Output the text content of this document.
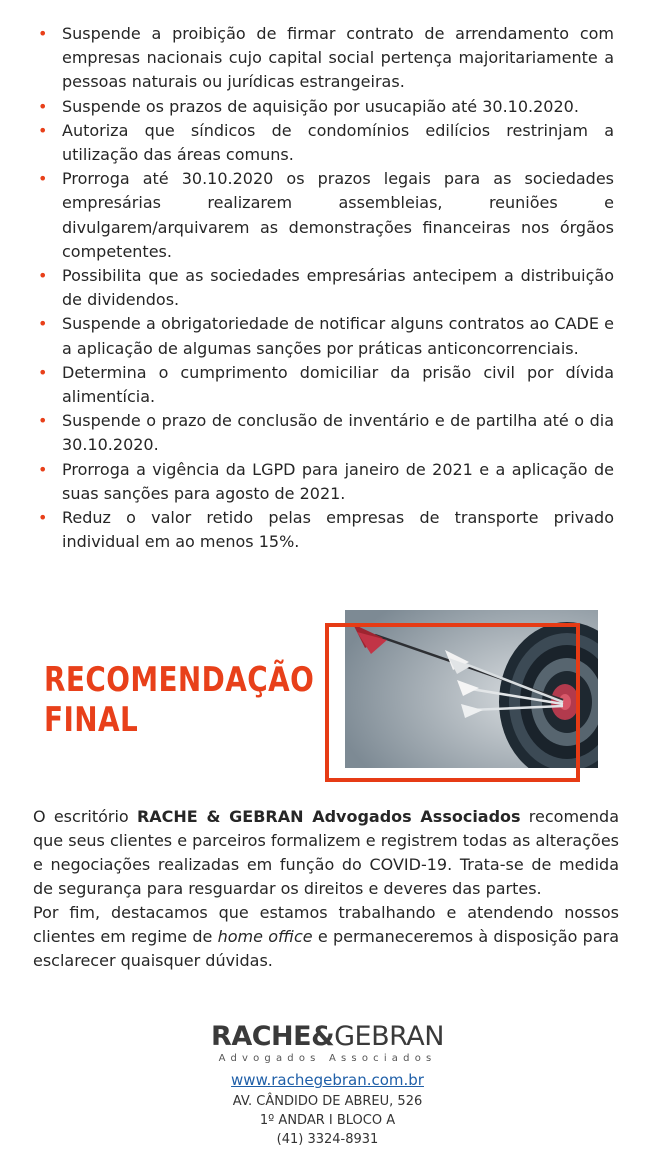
• Suspende a proibição de firmar contrato de arrendamento com empresas nacionais cujo capital social pertença majoritariamente a pessoas naturais ou jurídicas estrangeiras.
• Suspende os prazos de aquisição por usucapião até 30.10.2020.
• Autoriza que síndicos de condomínios edilícios restrinjam a utilização das áreas comuns.
• Prorroga até 30.10.2020 os prazos legais para as sociedades empresárias realizarem assembleias, reuniões e divulgarem/arquivarem as demonstrações financeiras nos órgãos competentes.
• Possibilita que as sociedades empresárias antecipem a distribuição de dividendos.
• Suspende a obrigatoriedade de notificar alguns contratos ao CADE e a aplicação de algumas sanções por práticas anticoncorrenciais.
• Determina o cumprimento domiciliar da prisão civil por dívida alimentícia.
• Suspende o prazo de conclusão de inventário e de partilha até o dia 30.10.2020.
• Prorroga a vigência da LGPD para janeiro de 2021 e a aplicação de suas sanções para agosto de 2021.
• Reduz o valor retido pelas empresas de transporte privado individual em ao menos 15%.
RECOMENDAÇÃO
FINAL

O escritório RACHE & GEBRAN Advogados Associados recomenda que seus clientes e parceiros formalizem e registrem todas as alterações e negociações realizadas em função do COVID-19. Trata-se de medida de segurança para resguardar os direitos e deveres das partes.

Por fim, destacamos que estamos trabalhando e atendendo nossos clientes em regime de home office e permaneceremos à disposição para esclarecer quaisquer dúvidas.

RACHE&GEBRAN
Advogados Associados
www.rachegebran.com.br
AV. CÂNDIDO DE ABREU, 526
1º ANDAR I BLOCO A
(41) 3324-8931
